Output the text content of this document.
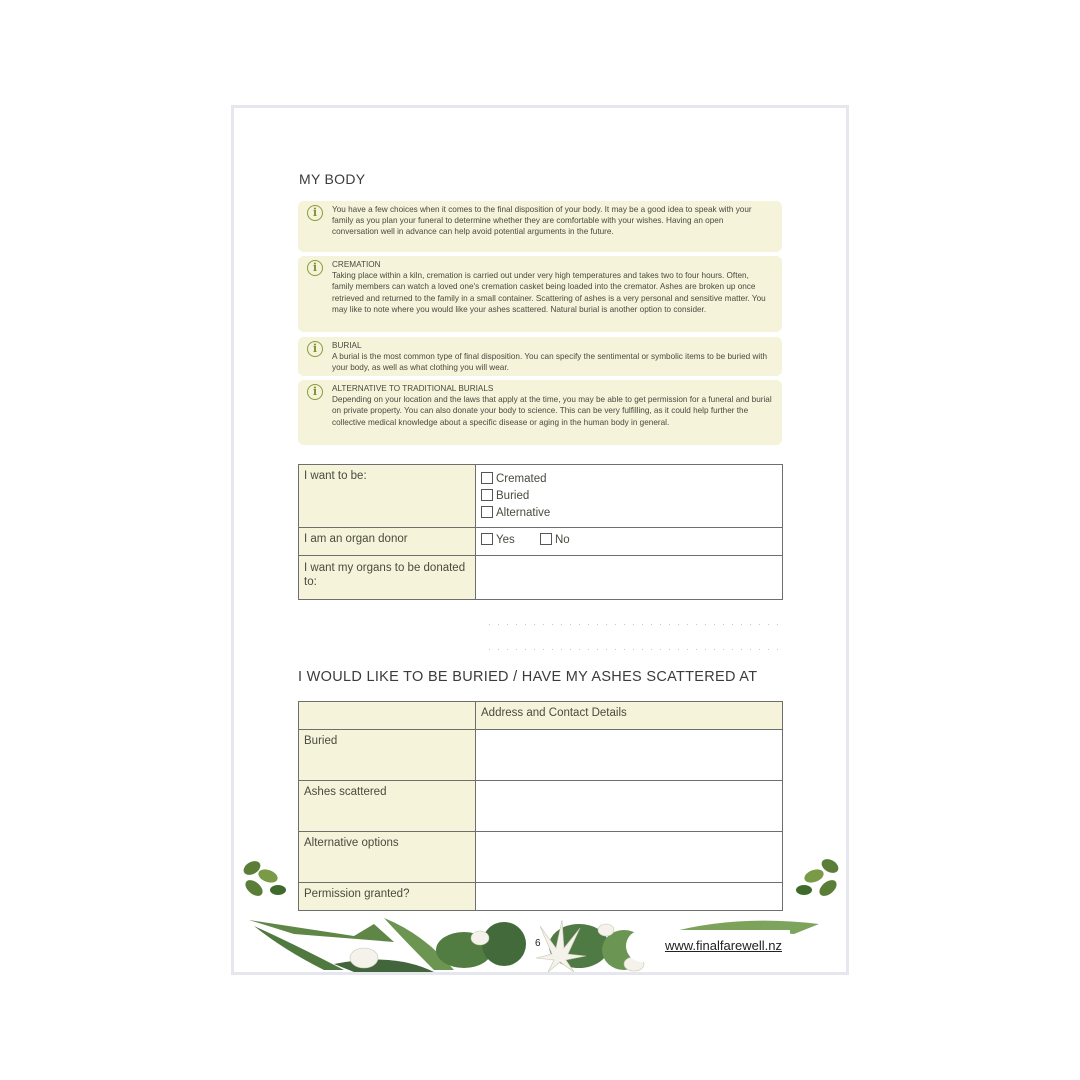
MY BODY
i	You have a few choices when it comes to the final disposition of your body. It may be a good idea to speak with your family as you plan your funeral to determine whether they are comfortable with your wishes. Having an open conversation well in advance can help avoid potential arguments in the future.

i	CREMATION

Taking place within a kiln, cremation is carried out under very high temperatures and takes two to four hours. Often, family members can watch a loved one's cremation casket being loaded into the cremator. Ashes are broken up once retrieved and returned to the family in a small container. Scattering of ashes is a very personal and sensitive matter. You may like to note where you would like your ashes scattered. Natural burial is another option to consider.

i	BURIAL

A burial is the most common type of final disposition. You can specify the sentimental or symbolic items to be buried with your body, as well as what clothing you will wear.

i	ALTERNATIVE TO TRADITIONAL BURIALS

Depending on your location and the laws that apply at the time, you may be able to get permission for a funeral and burial on private property. You can also donate your body to science. This can be very fulfilling, as it could help further the collective medical knowledge about a specific disease or aging in the human body in general.

I want to be:	Cremated
Buried
Alternative

I am an organ donor	Yes No
I want my organs to be donated to:	
I WOULD LIKE TO BE BURIED / HAVE MY ASHES SCATTERED AT
	Address and Contact Details
Buried	
Ashes scattered	
Alternative options	
Permission granted?	
6	www.finalfarewell.nz
